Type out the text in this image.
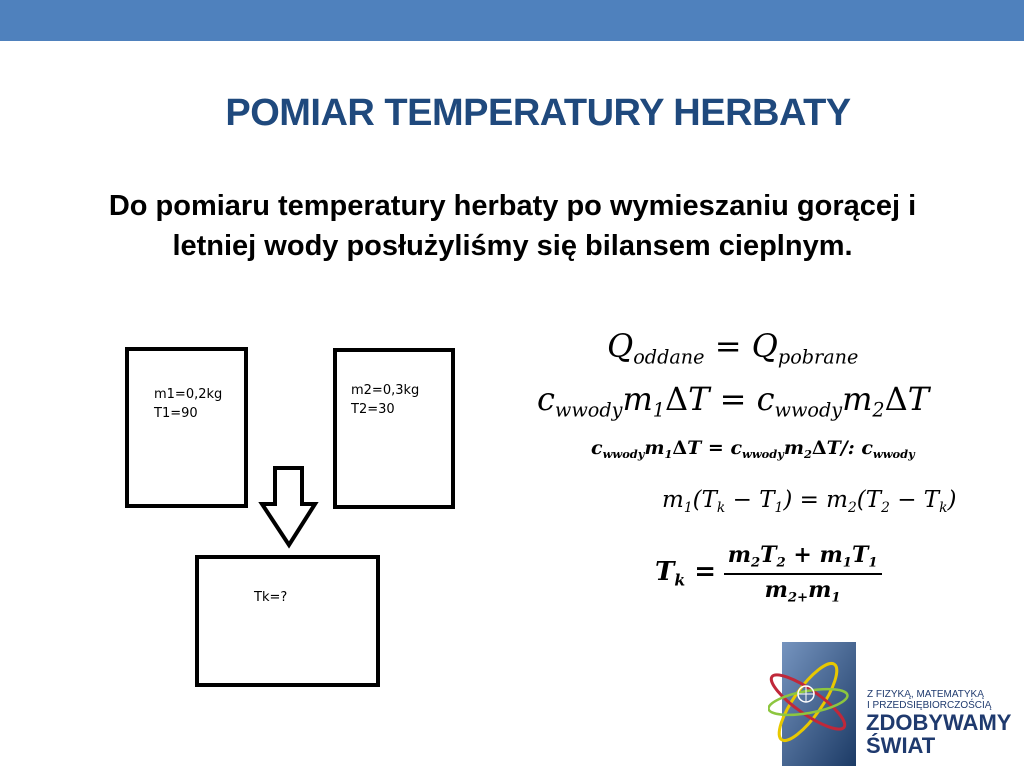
POMIAR TEMPERATURY HERBATY
Do pomiaru temperatury herbaty po wymieszaniu gorącej i letniej wody posłużyliśmy się bilansem cieplnym.
m1=0,2kg
T1=90
m2=0,3kg
T2=30
Tk=?
$Q_{oddane} = Q_{pobrane}$
$c_{wwody}m_1\Delta T = c_{wwody}m_2\Delta T$
$c_{wwody}m_1\Delta T = c_{wwody}m_2\Delta T/$: $c_{wwody}$
$m_1(T_k - T_1) = m_2(T_2 - T_k)$
$T_k = \frac{m_2T_2 + m_1T_1}{m_{2+}m_1}$
Z FIZYKĄ, MATEMATYKĄ
I PRZEDSIĘBIORCZOŚCIĄ
ZDOBYWAMY
ŚWIAT
